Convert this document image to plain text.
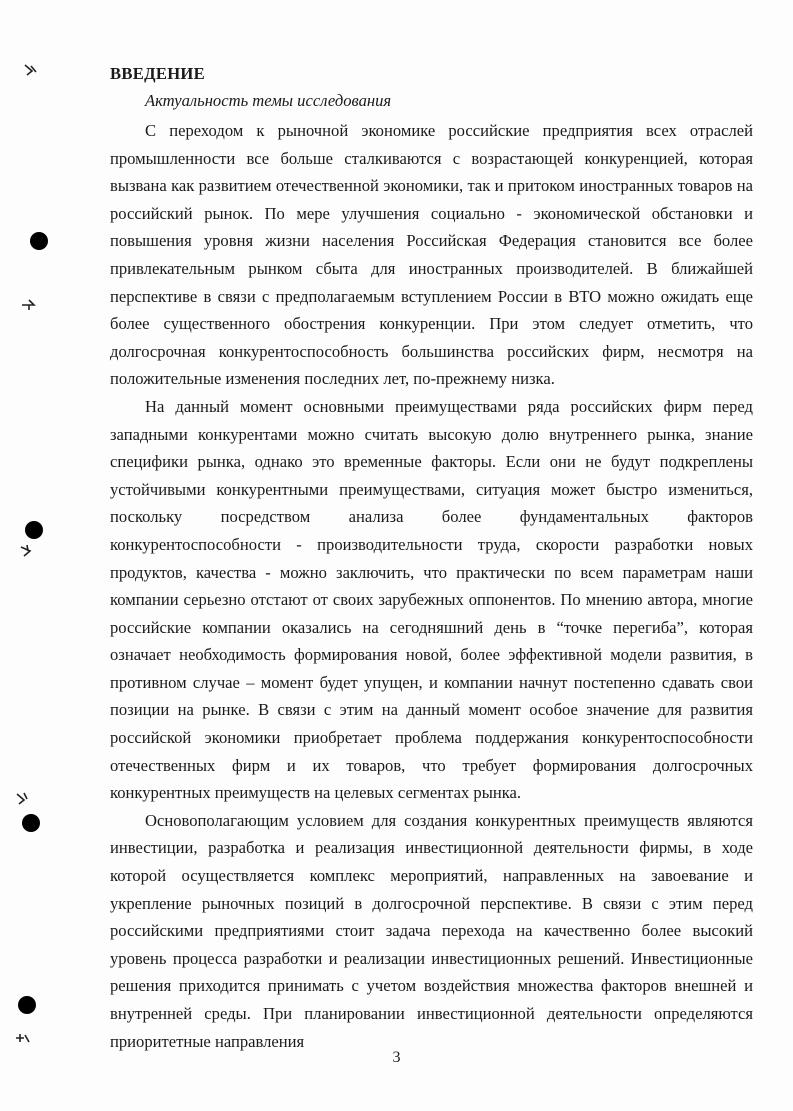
ВВЕДЕНИЕ

Актуальность темы исследования

С переходом к рыночной экономике российские предприятия всех отраслей промышленности все больше сталкиваются с возрастающей конкуренцией, которая вызвана как развитием отечественной экономики, так и притоком иностранных товаров на российский рынок. По мере улучшения социально - экономической обстановки и повышения уровня жизни населения Российская Федерация становится все более привлекательным рынком сбыта для иностранных производителей. В ближайшей перспективе в связи с предполагаемым вступлением России в ВТО можно ожидать еще более существенного обострения конкуренции. При этом следует отметить, что долгосрочная конкурентоспособность большинства российских фирм, несмотря на положительные изменения последних лет, по-прежнему низка.

На данный момент основными преимуществами ряда российских фирм перед западными конкурентами можно считать высокую долю внутреннего рынка, знание специфики рынка, однако это временные факторы. Если они не будут подкреплены устойчивыми конкурентными преимуществами, ситуация может быстро измениться, поскольку посредством анализа более фундаментальных факторов конкурентоспособности - производительности труда, скорости разработки новых продуктов, качества - можно заключить, что практически по всем параметрам наши компании серьезно отстают от своих зарубежных оппонентов. По мнению автора, многие российские компании оказались на сегодняшний день в “точке перегиба”, которая означает необходимость формирования новой, более эффективной модели развития, в противном случае – момент будет упущен, и компании начнут постепенно сдавать свои позиции на рынке. В связи с этим на данный момент особое значение для развития российской экономики приобретает проблема поддержания конкурентоспособности отечественных фирм и их товаров, что требует формирования долгосрочных конкурентных преимуществ на целевых сегментах рынка.

Основополагающим условием для создания конкурентных преимуществ являются инвестиции, разработка и реализация инвестиционной деятельности фирмы, в ходе которой осуществляется комплекс мероприятий, направленных на завоевание и укрепление рыночных позиций в долгосрочной перспективе. В связи с этим перед российскими предприятиями стоит задача перехода на качественно более высокий уровень процесса разработки и реализации инвестиционных решений. Инвестиционные решения приходится принимать с учетом воздействия множества факторов внешней и внутренней среды. При планировании инвестиционной деятельности определяются приоритетные направления

3
